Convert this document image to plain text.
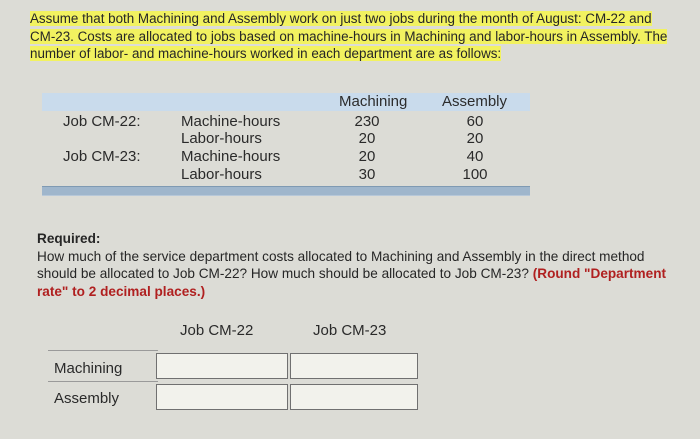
Assume that both Machining and Assembly work on just two jobs during the month of August: CM-22 and CM-23. Costs are allocated to jobs based on machine-hours in Machining and labor-hours in Assembly. The number of labor- and machine-hours worked in each department are as follows:
Machining Assembly
Job CM-22:	Machine-hours	230	60
Labor-hours	20	20
Job CM-23:	Machine-hours	20	40
Labor-hours	30	100
Required:
How much of the service department costs allocated to Machining and Assembly in the direct method should be allocated to Job CM-22? How much should be allocated to Job CM-23? (Round "Department rate" to 2 decimal places.)
Job CM-22	Job CM-23
Machining
Assembly
